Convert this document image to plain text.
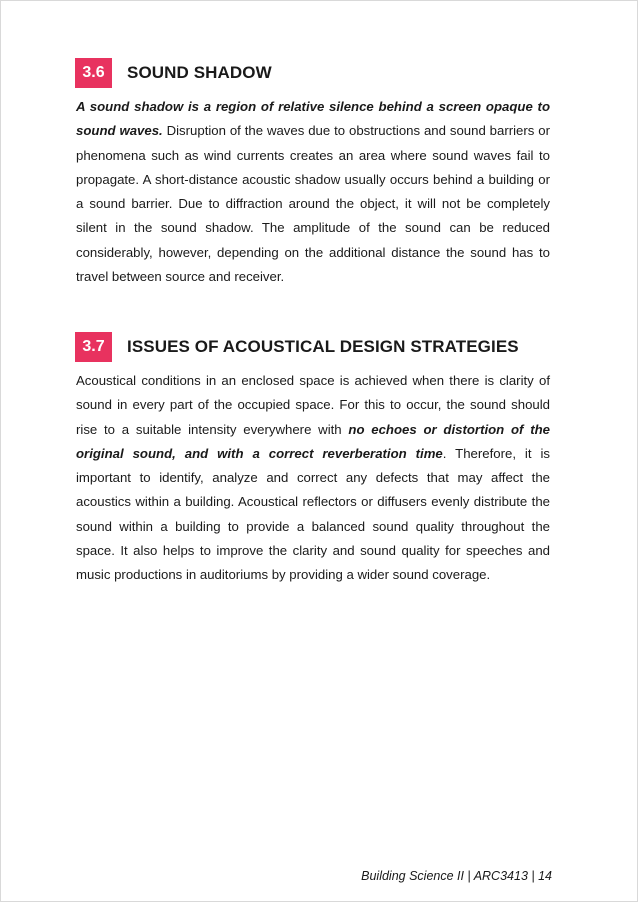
3.6	SOUND SHADOW

A sound shadow is a region of relative silence behind a screen opaque to sound waves. Disruption of the waves due to obstructions and sound barriers or phenomena such as wind currents creates an area where sound waves fail to propagate. A short-distance acoustic shadow usually occurs behind a building or a sound barrier. Due to diffraction around the object, it will not be completely silent in the sound shadow. The amplitude of the sound can be reduced considerably, however, depending on the additional distance the sound has to travel between source and receiver.

3.7	ISSUES OF ACOUSTICAL DESIGN STRATEGIES

Acoustical conditions in an enclosed space is achieved when there is clarity of sound in every part of the occupied space. For this to occur, the sound should rise to a suitable intensity everywhere with no echoes or distortion of the original sound, and with a correct reverberation time. Therefore, it is important to identify, analyze and correct any defects that may affect the acoustics within a building. Acoustical reflectors or diffusers evenly distribute the sound within a building to provide a balanced sound quality throughout the space. It also helps to improve the clarity and sound quality for speeches and music productions in auditoriums by providing a wider sound coverage.

Building Science II | ARC3413 | 14
